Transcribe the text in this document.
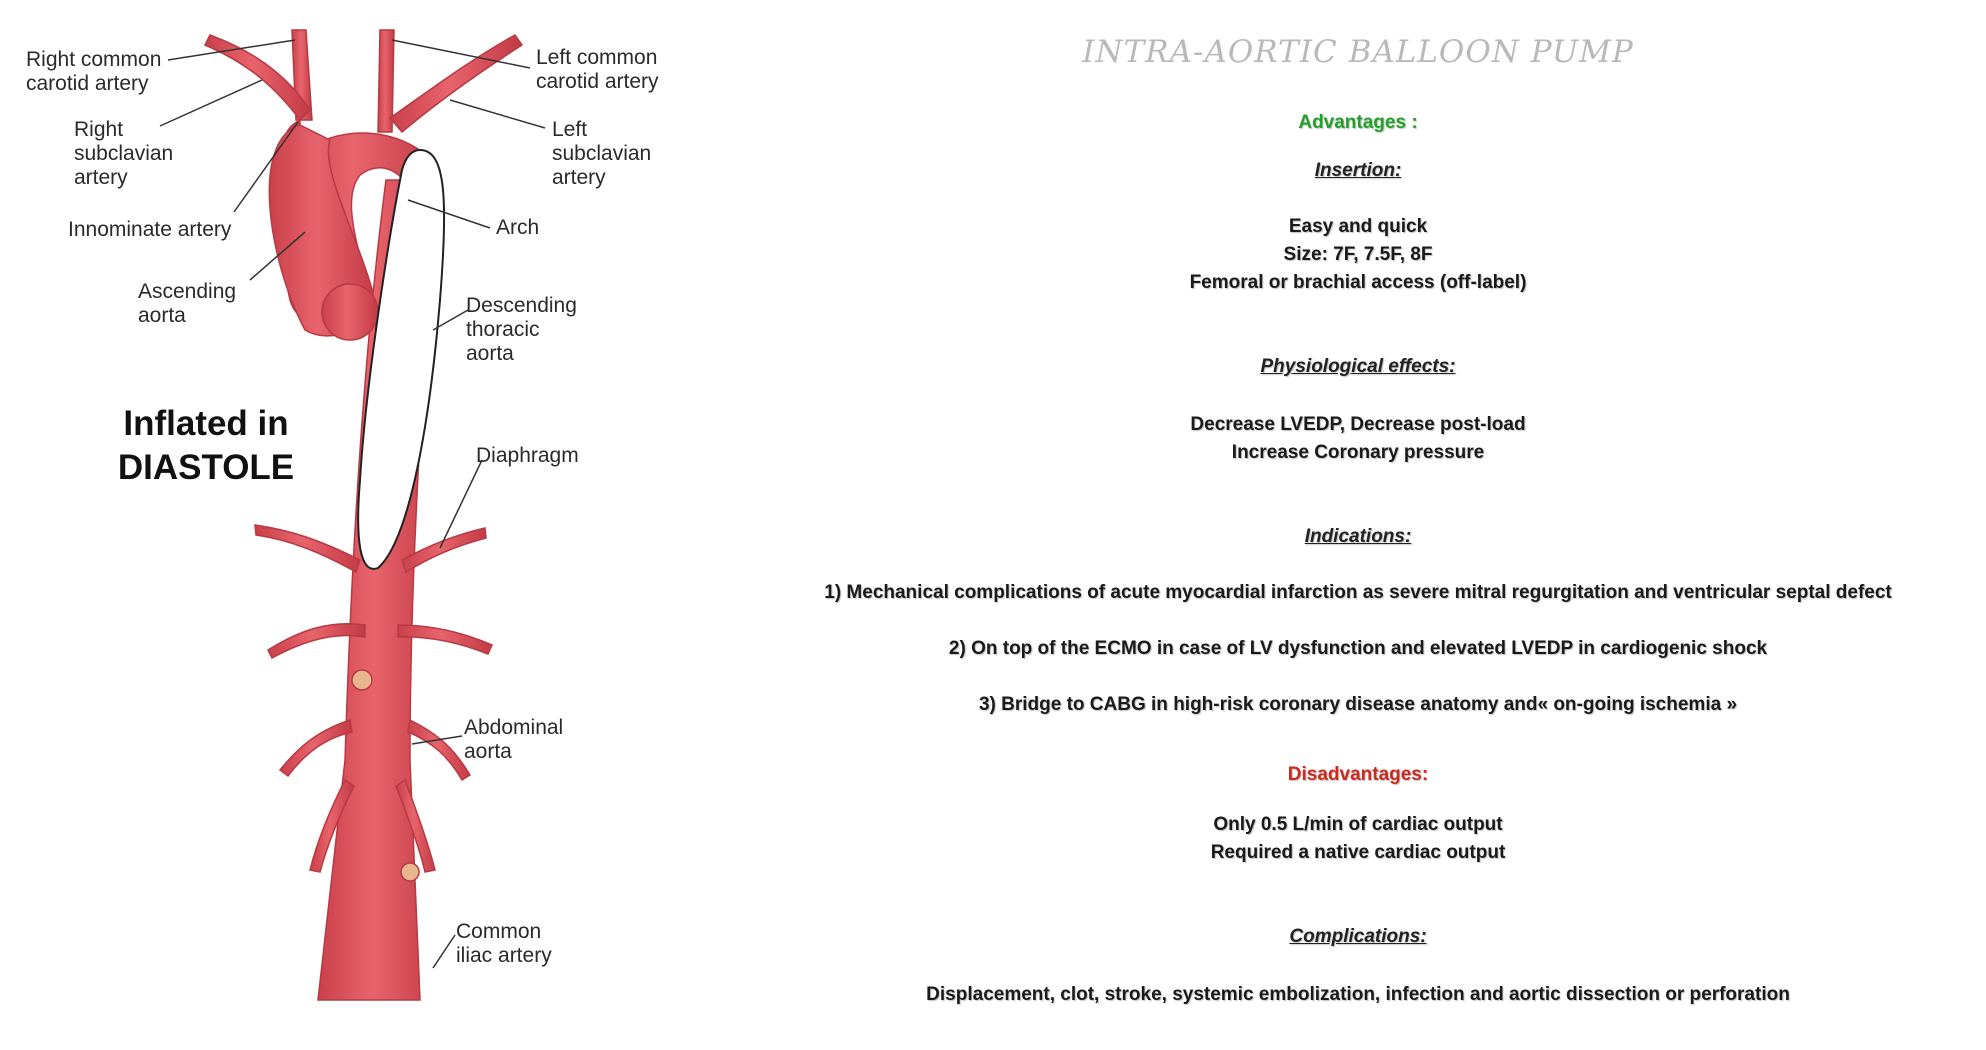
Right common
carotid artery
Right
subclavian
artery
Innominate artery
Ascending
aorta
Left common
carotid artery
Left
subclavian
artery
Arch
Descending
thoracic
aorta
Diaphragm
Abdominal
aorta
Common
iliac artery
Inflated in
DIASTOLE
INTRA-AORTIC BALLOON PUMP
Advantages :
Insertion:
Easy and quick
Size: 7F, 7.5F, 8F
Femoral or brachial access (off-label)
Physiological effects:
Decrease LVEDP, Decrease post-load
Increase Coronary pressure
Indications:
1) Mechanical complications of acute myocardial infarction as severe mitral regurgitation and ventricular septal defect
2) On top of the ECMO in case of LV dysfunction and elevated LVEDP in cardiogenic shock
3) Bridge to CABG in high-risk coronary disease anatomy and« on-going ischemia »
Disadvantages:
Only 0.5 L/min of cardiac output
Required a native cardiac output
Complications:
Displacement, clot, stroke, systemic embolization, infection and aortic dissection or perforation
